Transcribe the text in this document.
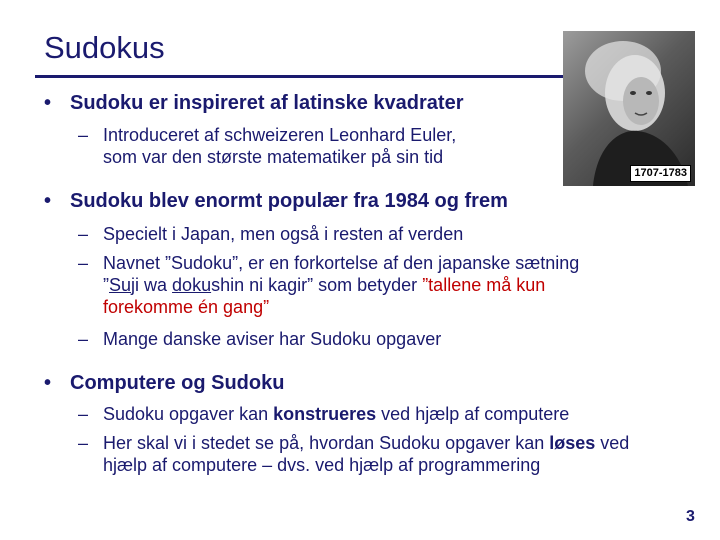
Sudokus
1707-1783
• Sudoku er inspireret af latinske kvadrater
– Introduceret af schweizeren Leonhard Euler,
som var den største matematiker på sin tid
• Sudoku blev enormt populær fra 1984 og frem
– Specielt i Japan, men også i resten af verden
– Navnet ”Sudoku”, er en forkortelse af den japanske sætning
”Suji wa dokushin ni kagir” som betyder ”tallene må kun
forekomme én gang”
– Mange danske aviser har Sudoku opgaver
• Computere og Sudoku
– Sudoku opgaver kan konstrueres ved hjælp af computere
– Her skal vi i stedet se på, hvordan Sudoku opgaver kan løses ved
hjælp af computere – dvs. ved hjælp af programmering
3
